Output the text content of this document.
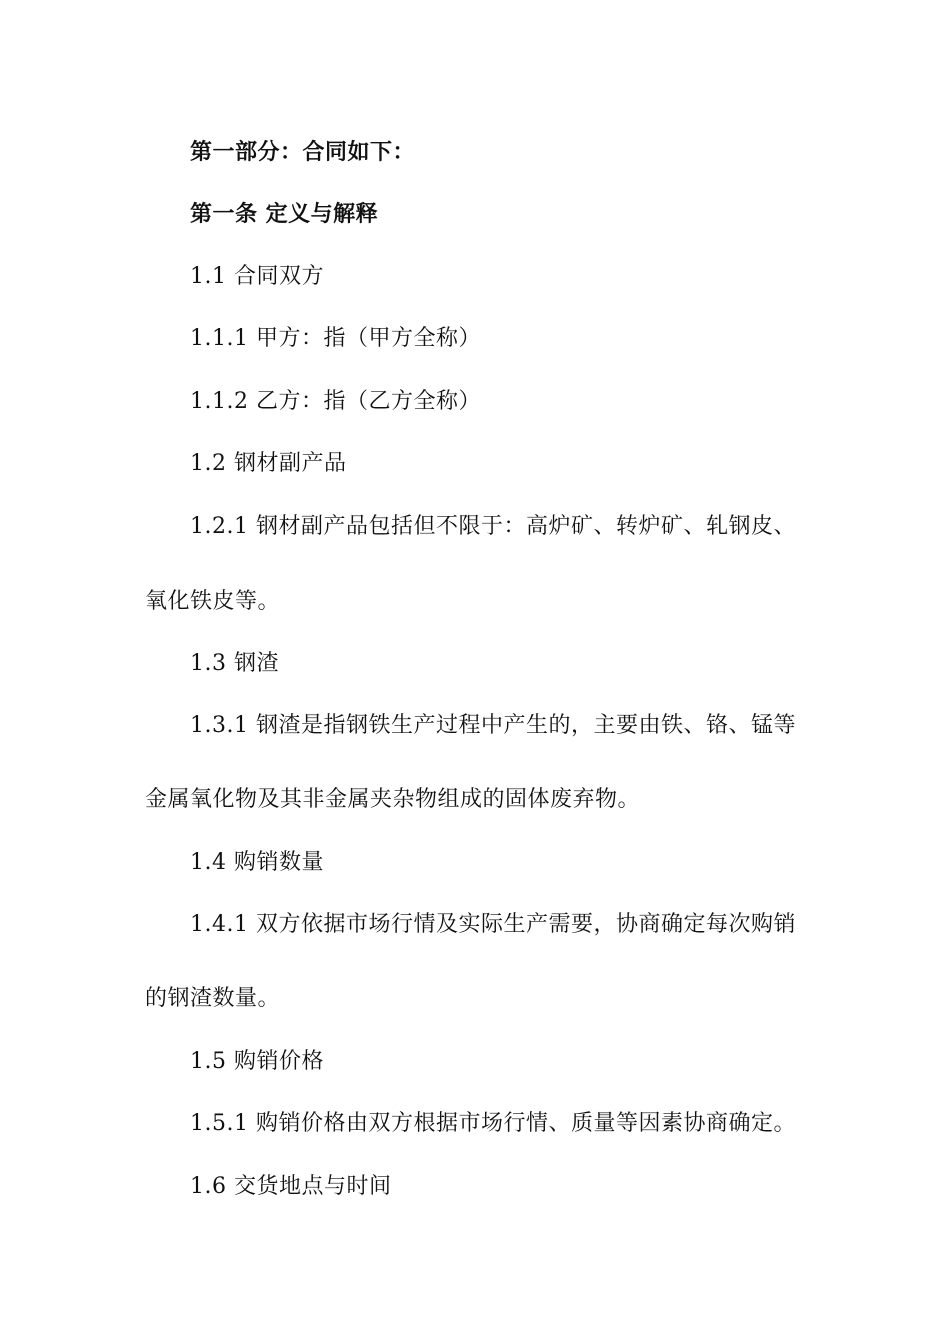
第一部分：合同如下：
第一条 定义与解释
1.1 合同双方
1.1.1 甲方：指（甲方全称）
1.1.2 乙方：指（乙方全称）
1.2 钢材副产品
1.2.1 钢材副产品包括但不限于：高炉矿、转炉矿、轧钢皮、
氧化铁皮等。
1.3 钢渣
1.3.1 钢渣是指钢铁生产过程中产生的，主要由铁、铬、锰等
金属氧化物及其非金属夹杂物组成的固体废弃物。
1.4 购销数量
1.4.1 双方依据市场行情及实际生产需要，协商确定每次购销
的钢渣数量。
1.5 购销价格
1.5.1 购销价格由双方根据市场行情、质量等因素协商确定。
1.6 交货地点与时间
